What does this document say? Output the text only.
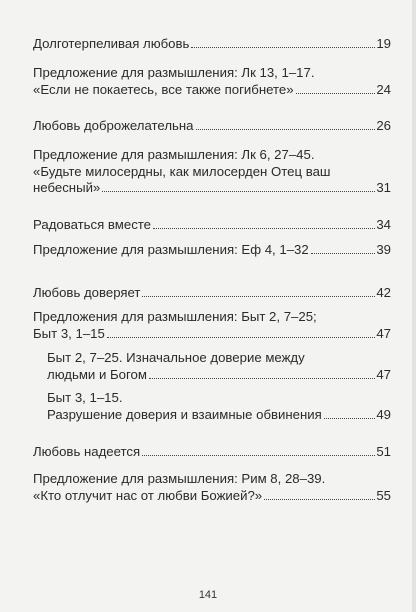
Долготерпеливая любовь	19
Предложение для размышления: Лк 13, 1–17.
«Если не покаетесь, все также погибнете»	24
Любовь доброжелательна	26
Предложение для размышления: Лк 6, 27–45.
«Будьте милосердны, как милосерден Отец ваш
небесный»	31
Радоваться вместе	34
Предложение для размышления: Еф 4, 1–32	39
Любовь доверяет	42
Предложения для размышления: Быт 2, 7–25;
Быт 3, 1–15	47
Быт 2, 7–25. Изначальное доверие между
людьми и Богом	47
Быт 3, 1–15.
Разрушение доверия и взаимные обвинения	49
Любовь надеется	51
Предложение для размышления: Рим 8, 28–39.
«Кто отлучит нас от любви Божией?»	55
141
